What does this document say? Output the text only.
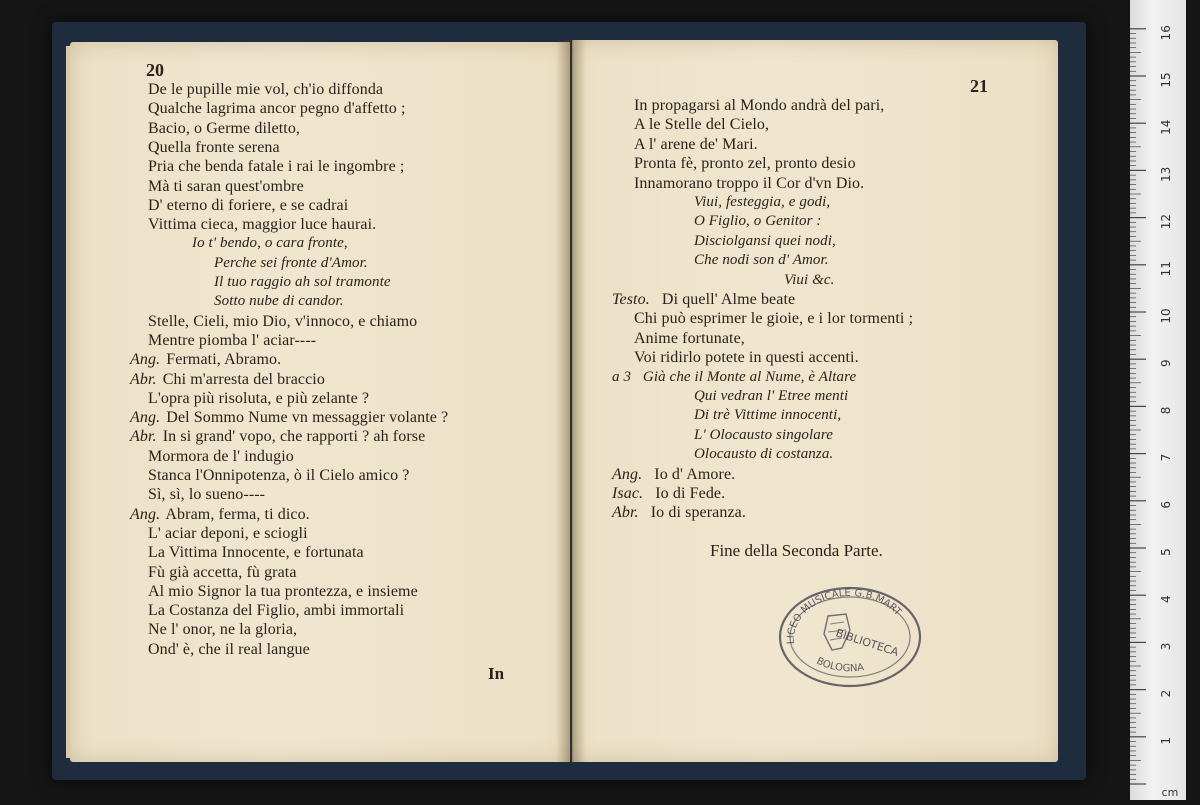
20
21
De le pupille mie vol, ch'io diffonda
Qualche lagrima ancor pegno d'affetto ;
Bacio, o Germe diletto,
Quella fronte serena
Pria che benda fatale i rai le ingombre ;
Mà ti saran quest'ombre
D' eterno di foriere, e se cadrai
Vittima cieca, maggior luce haurai.
Io t' bendo, o cara fronte,
Perche sei fronte d'Amor.
Il tuo raggio ah sol tramonte
Sotto nube di candor.
Stelle, Cieli, mio Dio, v'innoco, e chiamo
Mentre piomba l' aciar----
Ang. Fermati, Abramo.
Abr. Chi m'arresta del braccio
L'opra più risoluta, e più zelante ?
Ang. Del Sommo Nume vn messaggier volante ?
Abr. In si grand' vopo, che rapporti ? ah forse
Mormora de l' indugio
Stanca l'Onnipotenza, ò il Cielo amico ?
Sì, sì, lo sueno----
Ang. Abram, ferma, ti dico.
L' aciar deponi, e sciogli
La Vittima Innocente, e fortunata
Fù già accetta, fù grata
Al mio Signor la tua prontezza, e insieme
La Costanza del Figlio, ambi immortali
Ne l' onor, ne la gloria,
Ond' è, che il real langue
In propagarsi al Mondo andrà del pari,
A le Stelle del Cielo,
A l' arene de' Mari.
Pronta fè, pronto zel, pronto desio
Innamorano troppo il Cor d'vn Dio.
Viui, festeggia, e godi,
O Figlio, o Genitor :
Disciolgansi quei nodi,
Che nodi son d' Amor.
Viui &c.
Testo. Di quell' Alme beate
Chi può esprimer le gioie, e i lor tormenti ;
Anime fortunate,
Voi ridirlo potete in questi accenti.
a 3 Già che il Monte al Nume, è Altare
Qui vedran l' Etree menti
Di trè Vittime innocenti,
L' Olocausto singolare
Olocausto di costanza.
Ang. Io d' Amore.
Isac. Io di Fede.
Abr. Io di speranza.
In
Fine della Seconda Parte.
LICEO MUSICALE G.B.MART
BOLOGNA
BIBLIOTECA
1
2
3
4
5
6
7
8
9
10
11
12
13
14
15
16
cm
